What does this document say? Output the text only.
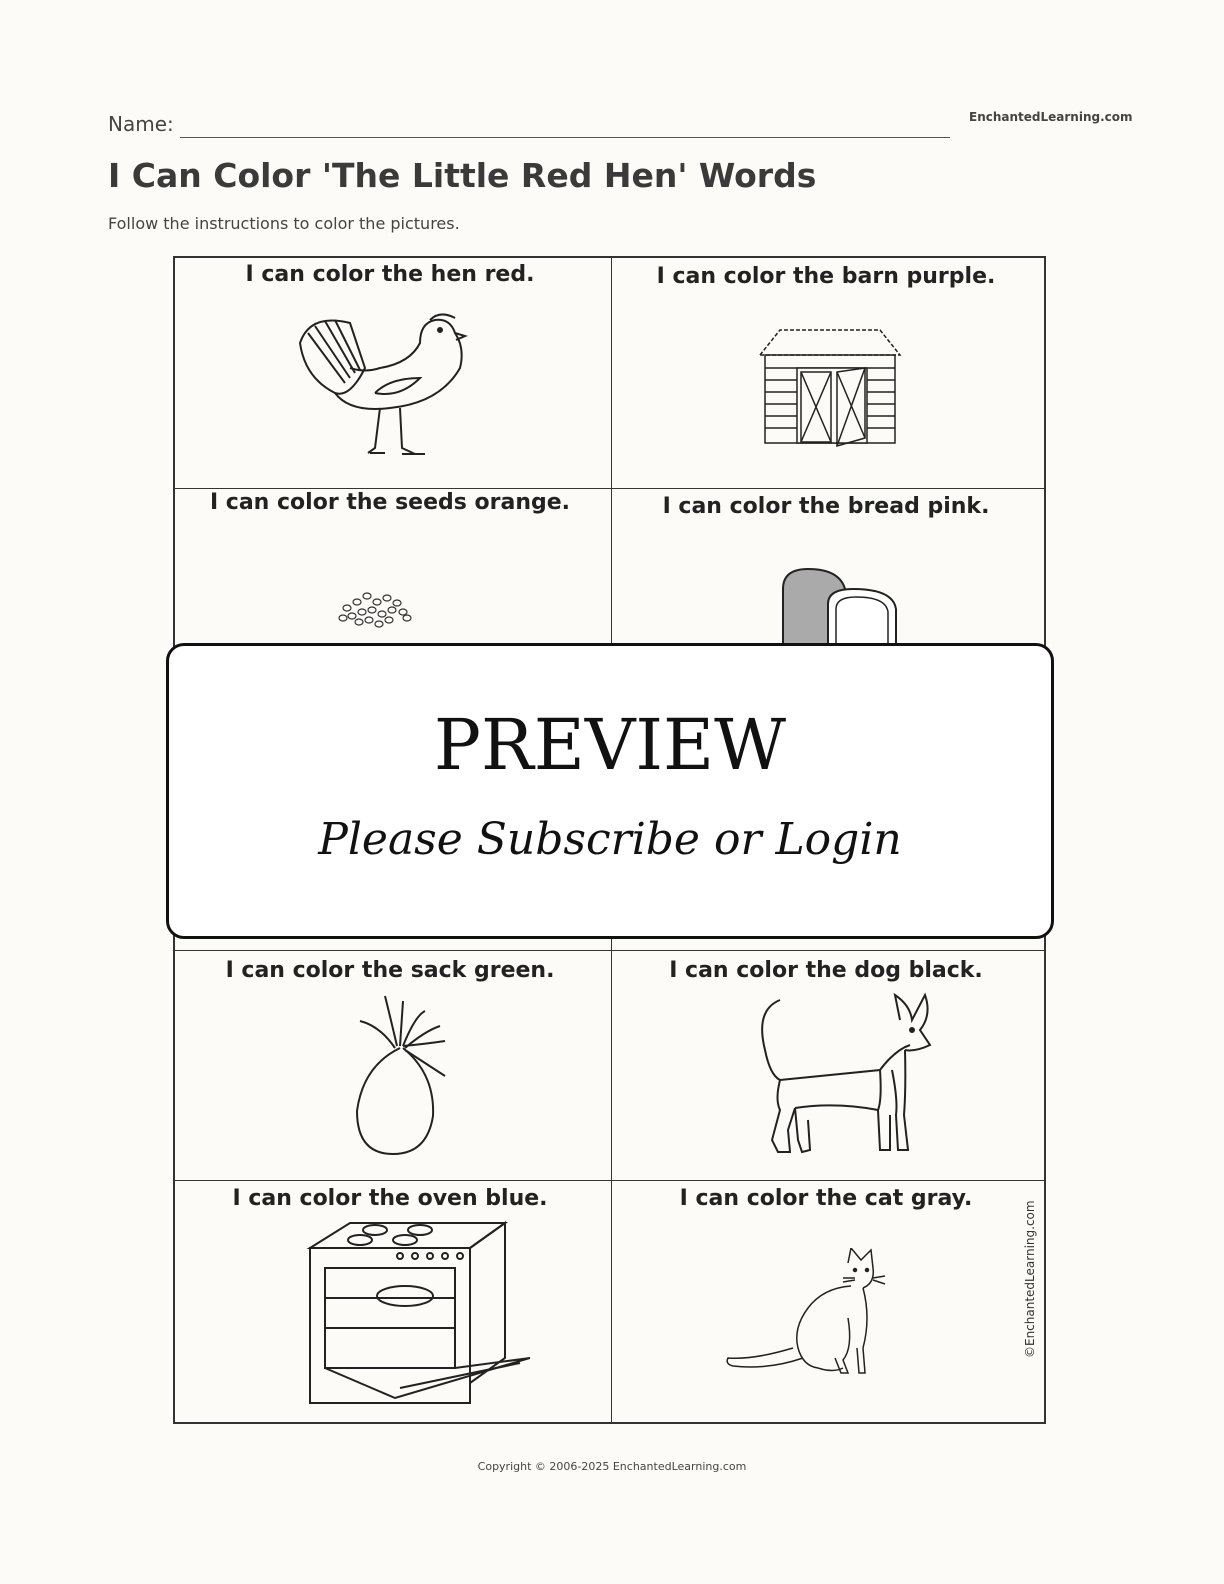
Name:	EnchantedLearning.com
I Can Color 'The Little Red Hen' Words
Follow the instructions to color the pictures.
I can color the hen red.	I can color the barn purple.
I can color the seeds orange.	I can color the bread pink.
I can color the sack green.	I can color the dog black.
I can color the oven blue.	I can color the cat gray.
©EnchantedLearning.com
PREVIEW
Please Subscribe or Login
Copyright © 2006-2025 EnchantedLearning.com
